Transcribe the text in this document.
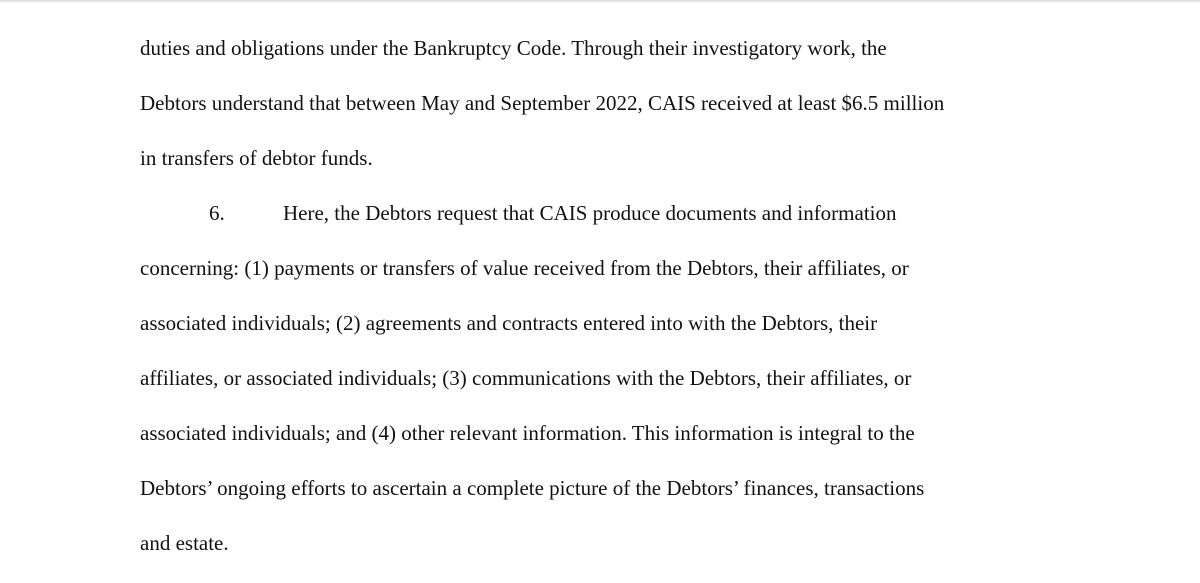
duties and obligations under the Bankruptcy Code. Through their investigatory work, the
Debtors understand that between May and September 2022, CAIS received at least $6.5 million
in transfers of debtor funds.
6.	Here, the Debtors request that CAIS produce documents and information
concerning: (1) payments or transfers of value received from the Debtors, their affiliates, or
associated individuals; (2) agreements and contracts entered into with the Debtors, their
affiliates, or associated individuals; (3) communications with the Debtors, their affiliates, or
associated individuals; and (4) other relevant information. This information is integral to the
Debtors’ ongoing efforts to ascertain a complete picture of the Debtors’ finances, transactions
and estate.
